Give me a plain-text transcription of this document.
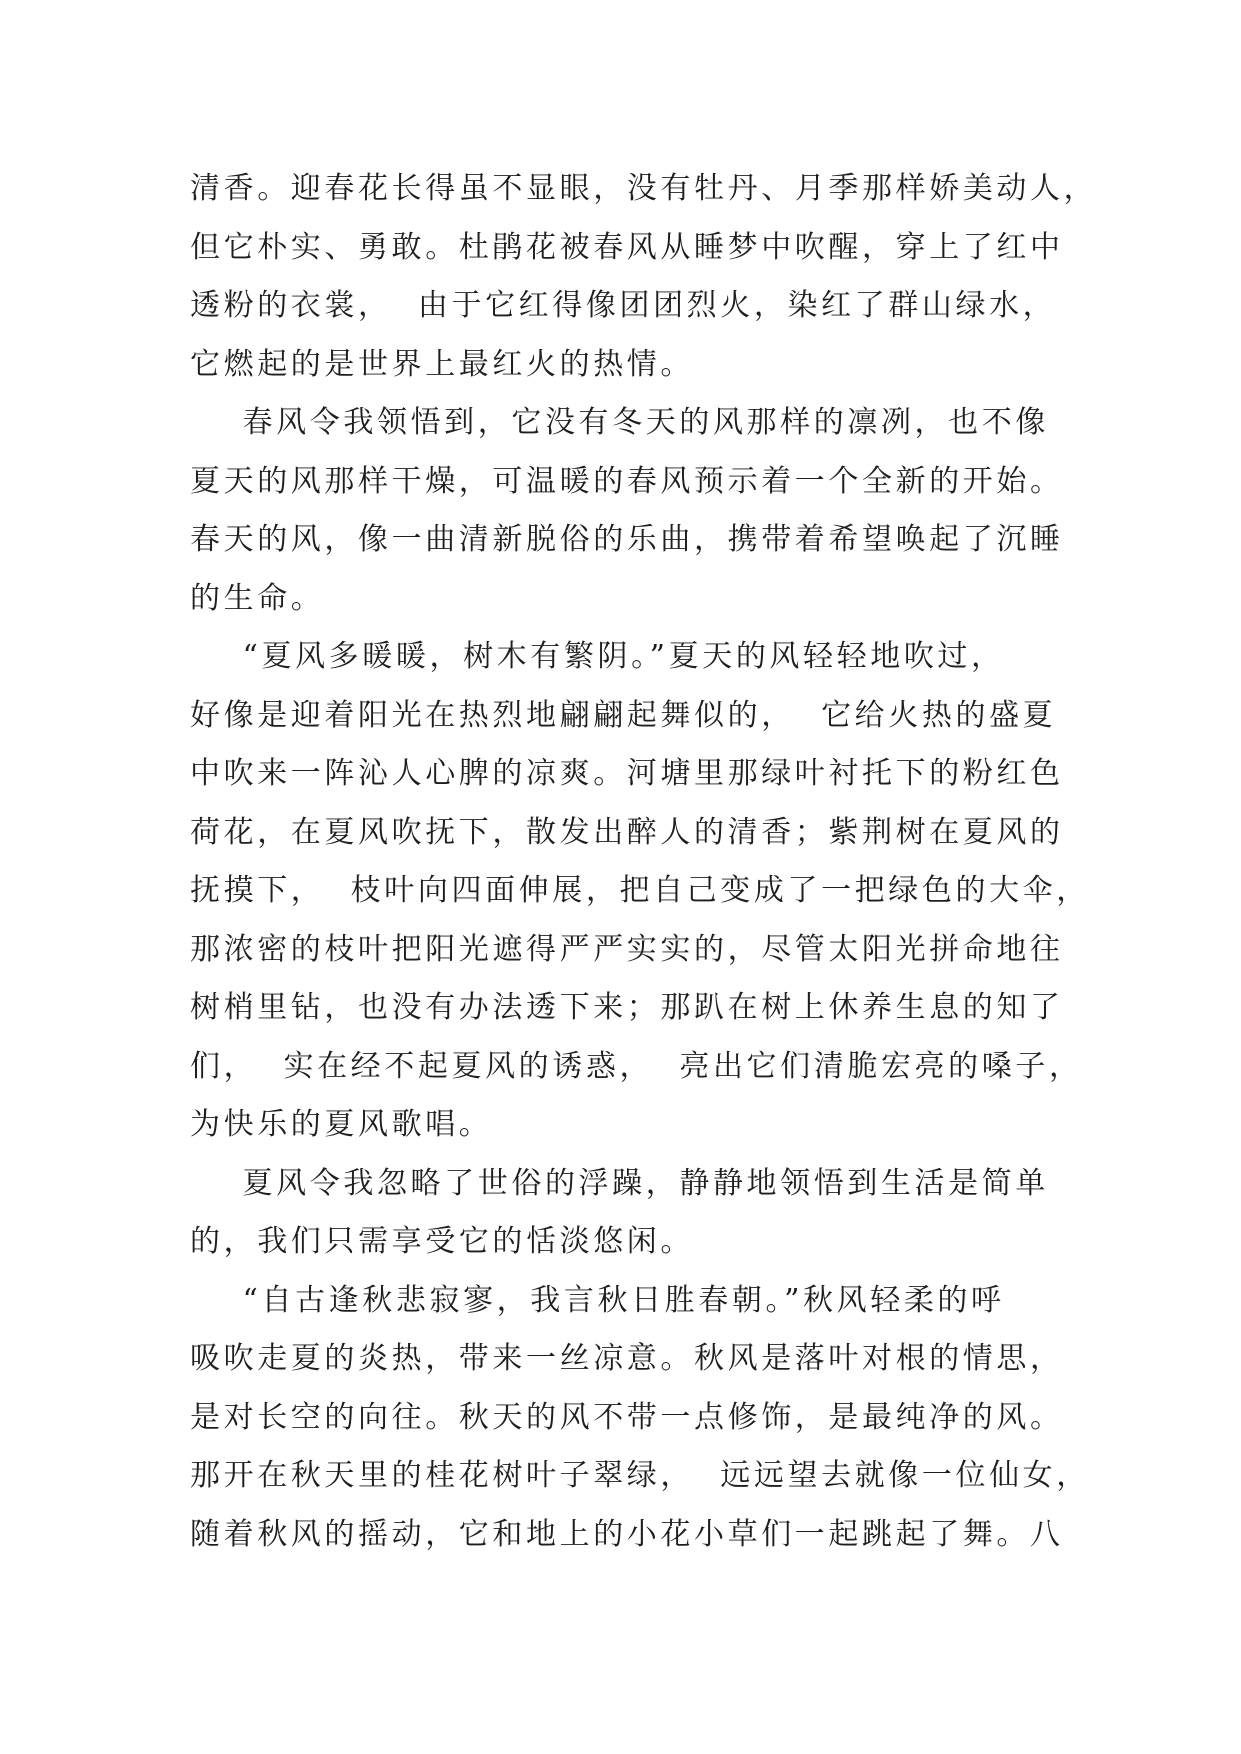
清香。迎春花长得虽不显眼，没有牡丹、月季那样娇美动人，
但它朴实、勇敢。杜鹃花被春风从睡梦中吹醒，穿上了红中
透粉的衣裳，  由于它红得像团团烈火，染红了群山绿水，
它燃起的是世界上最红火的热情。
春风令我领悟到，它没有冬天的风那样的凛冽，也不像
夏天的风那样干燥，可温暖的春风预示着一个全新的开始。
春天的风，像一曲清新脱俗的乐曲，携带着希望唤起了沉睡
的生命。
“夏风多暖暖，树木有繁阴。”夏天的风轻轻地吹过，
好像是迎着阳光在热烈地翩翩起舞似的，  它给火热的盛夏
中吹来一阵沁人心脾的凉爽。河塘里那绿叶衬托下的粉红色
荷花，在夏风吹抚下，散发出醉人的清香；紫荆树在夏风的
抚摸下，  枝叶向四面伸展，把自己变成了一把绿色的大伞，
那浓密的枝叶把阳光遮得严严实实的，尽管太阳光拼命地往
树梢里钻，也没有办法透下来；那趴在树上休养生息的知了
们，  实在经不起夏风的诱惑，  亮出它们清脆宏亮的嗓子，
为快乐的夏风歌唱。
夏风令我忽略了世俗的浮躁，静静地领悟到生活是简单
的，我们只需享受它的恬淡悠闲。
“自古逢秋悲寂寥，我言秋日胜春朝。”秋风轻柔的呼
吸吹走夏的炎热，带来一丝凉意。秋风是落叶对根的情思，
是对长空的向往。秋天的风不带一点修饰，是最纯净的风。
那开在秋天里的桂花树叶子翠绿，  远远望去就像一位仙女，
随着秋风的摇动，它和地上的小花小草们一起跳起了舞。八
